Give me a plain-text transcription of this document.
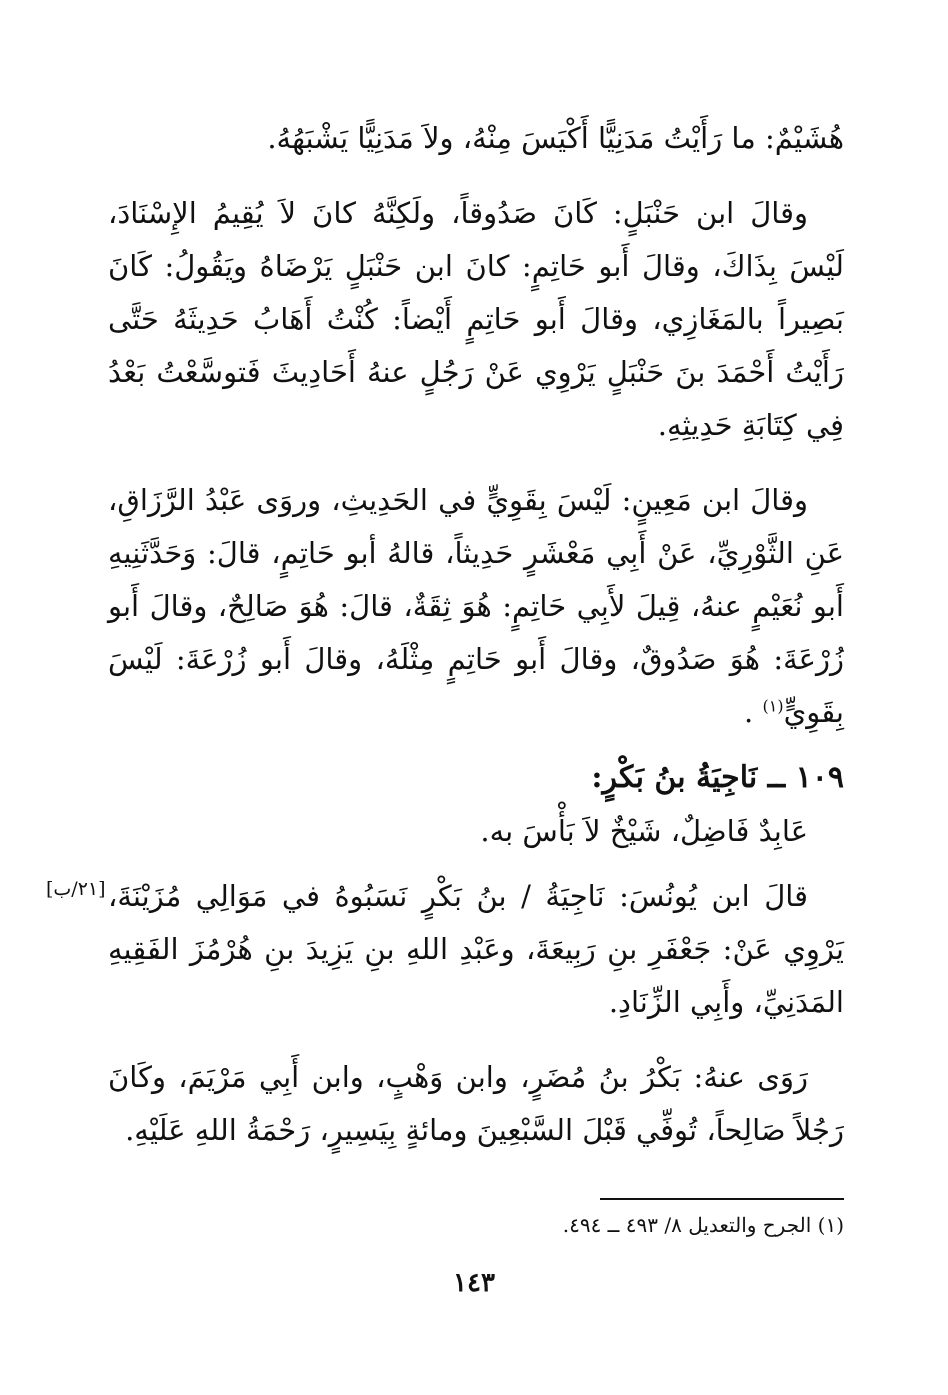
هُشَيْمٌ: ما رَأَيْتُ مَدَنِيًّا أَكْيَسَ مِنْهُ، ولاَ مَدَنِيًّا يَشْبَهُهُ.

وقالَ ابن حَنْبَلٍ: كَانَ صَدُوقاً، ولَكِنَّهُ كانَ لاَ يُقِيمُ الإِسْنَادَ، لَيْسَ بِذَاكَ، وقالَ أَبو حَاتِمٍ: كانَ ابن حَنْبَلٍ يَرْضَاهُ ويَقُولُ: كَانَ بَصِيراً بالمَغَازِي، وقالَ أَبو حَاتِمٍ أَيْضاً: كُنْتُ أَهَابُ حَدِيثَهُ حَتَّى رَأَيْتُ أَحْمَدَ بنَ حَنْبَلٍ يَرْوِي عَنْ رَجُلٍ عنهُ أَحَادِيثَ فَتوسَّعْتُ بَعْدُ فِي كِتَابَةِ حَدِيثِهِ.

وقالَ ابن مَعِينٍ: لَيْسَ بِقَوِيٍّ في الحَدِيثِ، وروَى عَبْدُ الرَّزَاقِ، عَنِ الثَّوْرِيِّ، عَنْ أَبِي مَعْشَرٍ حَدِيثاً، قالهُ أبو حَاتِمٍ، قالَ: وَحَدَّثَنِيهِ أَبو نُعَيْمٍ عنهُ، قِيلَ لأَبِي حَاتِمٍ: هُوَ ثِقَةٌ، قالَ: هُوَ صَالِحٌ، وقالَ أَبو زُرْعَةَ: هُوَ صَدُوقٌ، وقالَ أَبو حَاتِمٍ مِثْلَهُ، وقالَ أَبو زُرْعَةَ: لَيْسَ بِقَوِيٍّ$^{(١)}$ .

١٠٩ ــ نَاجِيَةُ بنُ بَكْرٍ:

عَابِدٌ فَاضِلٌ، شَيْخٌ لاَ بَأْسَ به.

[٢١/ب] قالَ ابن يُونُسَ: نَاجِيَةُ / بنُ بَكْرٍ نَسَبُوهُ في مَوَالِي مُزَيْنَةَ، يَرْوِي عَنْ: جَعْفَرِ بنِ رَبِيعَةَ، وعَبْدِ اللهِ بنِ يَزِيدَ بنِ هُرْمُزَ الفَقِيهِ المَدَنِيِّ، وأَبِي الزِّنَادِ.

رَوَى عنهُ: بَكْرُ بنُ مُضَرٍ، وابن وَهْبٍ، وابن أَبِي مَرْيَمَ، وكَانَ رَجُلاً صَالِحاً، تُوفِّي قَبْلَ السَّبْعِينَ ومائةٍ بِيَسِيرٍ، رَحْمَةُ اللهِ عَلَيْهِ.

(١) الجرح والتعديل ٨/ ٤٩٣ ــ ٤٩٤.
١٤٣
